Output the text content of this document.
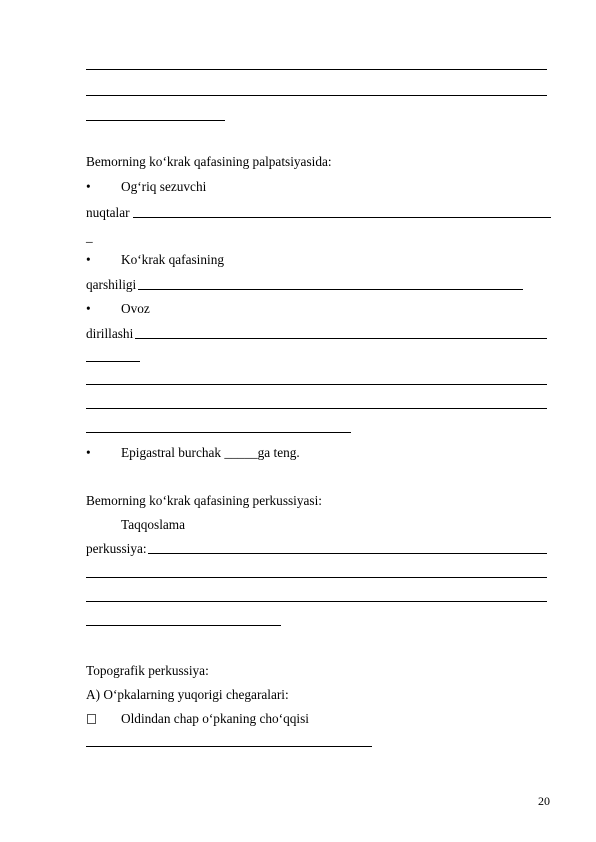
Bemorning ko‘krak qafasining palpatsiyasida:
• Og‘riq sezuvchi
nuqtalar
_
• Ko‘krak qafasining
qarshiligi
• Ovoz
dirillashi
• Epigastral burchak _____ga teng.
Bemorning ko‘krak qafasining perkussiyasi:
Taqqoslama
perkussiya:
Topografik perkussiya:
A) O‘pkalarning yuqorigi chegaralari:
Oldindan chap o‘pkaning cho‘qqisi
20
